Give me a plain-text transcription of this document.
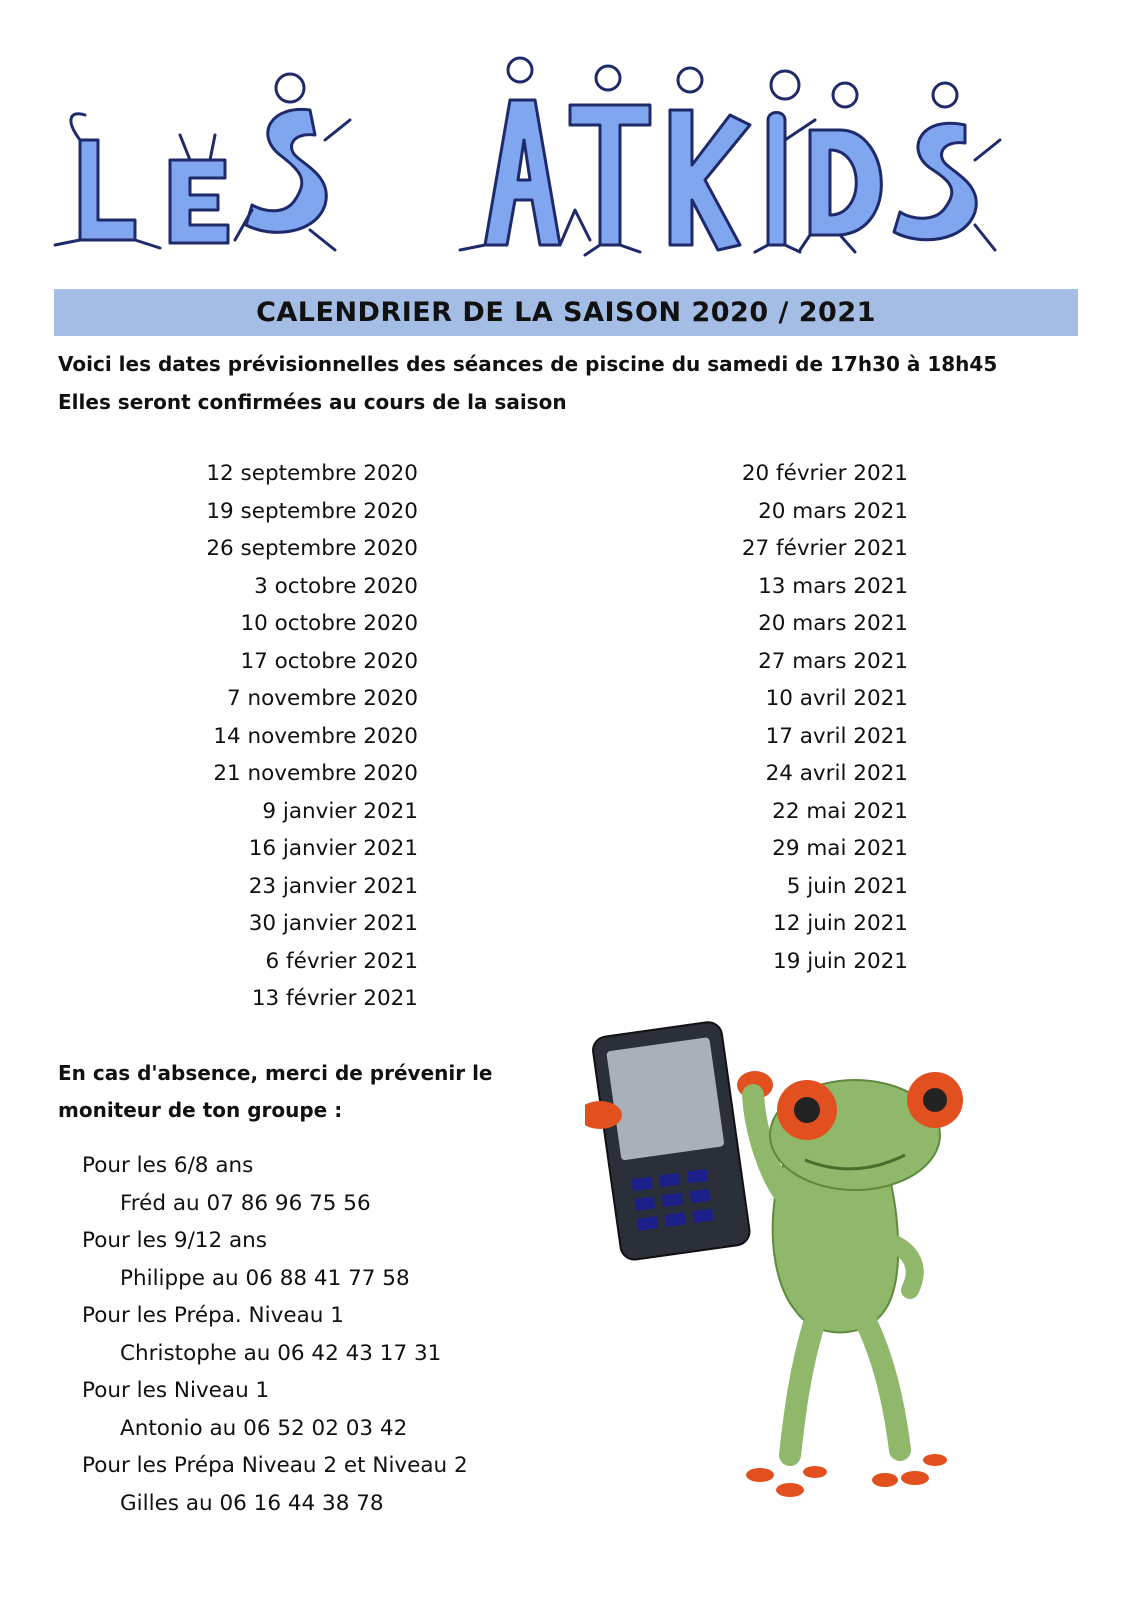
CALENDRIER DE LA SAISON 2020 / 2021
Voici les dates prévisionnelles des séances de piscine du samedi de 17h30 à 18h45
Elles seront confirmées au cours de la saison
12 septembre 2020
19 septembre 2020
26 septembre 2020
3 octobre 2020
10 octobre 2020
17 octobre 2020
7 novembre 2020
14 novembre 2020
21 novembre 2020
9 janvier 2021
16 janvier 2021
23 janvier 2021
30 janvier 2021
6 février 2021
13 février 2021
20 février 2021
20 mars 2021
27 février 2021
13 mars 2021
20 mars 2021
27 mars 2021
10 avril 2021
17 avril 2021
24 avril 2021
22 mai 2021
29 mai 2021
5 juin 2021
12 juin 2021
19 juin 2021
En cas d'absence, merci de prévenir le
moniteur de ton groupe :
Pour les 6/8 ans
Fréd au 07 86 96 75 56
Pour les 9/12 ans
Philippe au 06 88 41 77 58
Pour les Prépa. Niveau 1
Christophe au 06 42 43 17 31
Pour les Niveau 1
Antonio au 06 52 02 03 42
Pour les Prépa Niveau 2 et Niveau 2
Gilles au 06 16 44 38 78
